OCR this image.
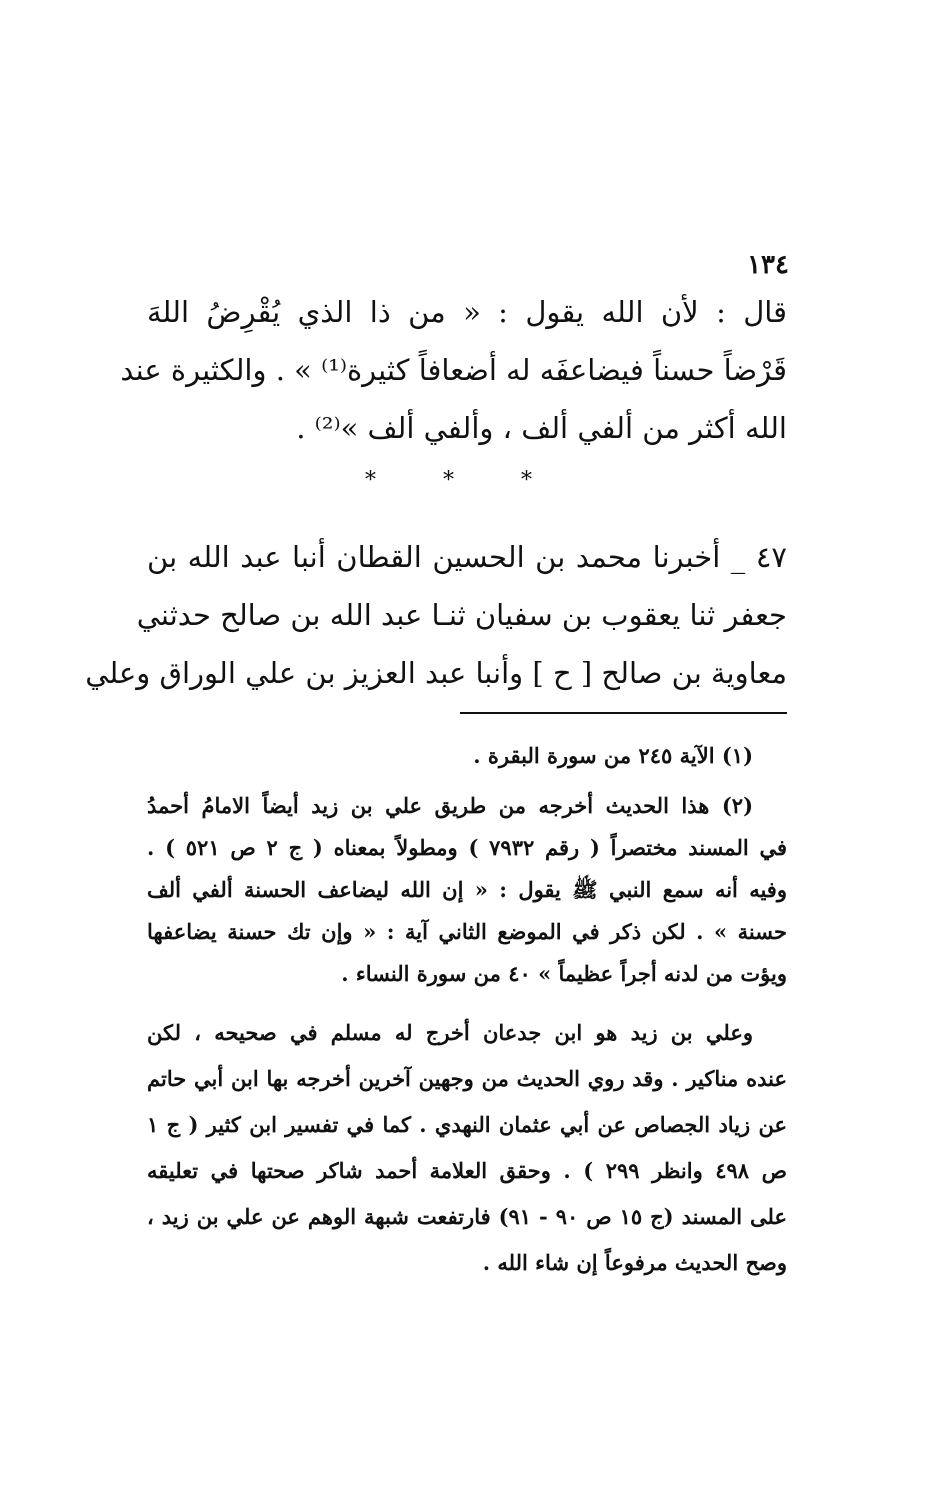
١٣٤
قال : لأن الله يقول : « من ذا الذي يُقْرِضُ اللهَ
قَرْضاً حسناً فيضاعفَه له أضعافاً كثيرة⁽¹⁾ » . والكثيرة عند
الله أكثر من ألفي ألف ، وألفي ألف »⁽²⁾ .
* * *
٤٧ _ أخبرنا محمد بن الحسين القطان أنبا عبد الله بن
جعفر ثنا يعقوب بن سفيان ثنـا عبد الله بن صالح حدثني
معاوية بن صالح [ ح ] وأنبا عبد العزيز بن علي الوراق وعلي
(١) الآية ٢٤٥ من سورة البقرة .
(٢) هذا الحديث أخرجه من طريق علي بن زيد أيضاً الامامُ أحمدُ
في المسند مختصراً ( رقم ٧٩٣٢ ) ومطولاً بمعناه ( ج ٢ ص ٥٢١ ) .
وفيه أنه سمع النبي ﷺ يقول : « إن الله ليضاعف الحسنة ألفي ألف
حسنة » . لكن ذكر في الموضع الثاني آية : « وإن تك حسنة يضاعفها
ويؤت من لدنه أجراً عظيماً » ٤٠ من سورة النساء .
وعلي بن زيد هو ابن جدعان أخرج له مسلم في صحيحه ، لكن
عنده مناكير . وقد روي الحديث من وجهين آخرين أخرجه بها ابن أبي حاتم
عن زياد الجصاص عن أبي عثمان النهدي . كما في تفسير ابن كثير ( ج ١
ص ٤٩٨ وانظر ٢٩٩ ) . وحقق العلامة أحمد شاكر صحتها في تعليقه
على المسند (ج ١٥ ص ٩٠ - ٩١) فارتفعت شبهة الوهم عن علي بن زيد ،
وصح الحديث مرفوعاً إن شاء الله .
